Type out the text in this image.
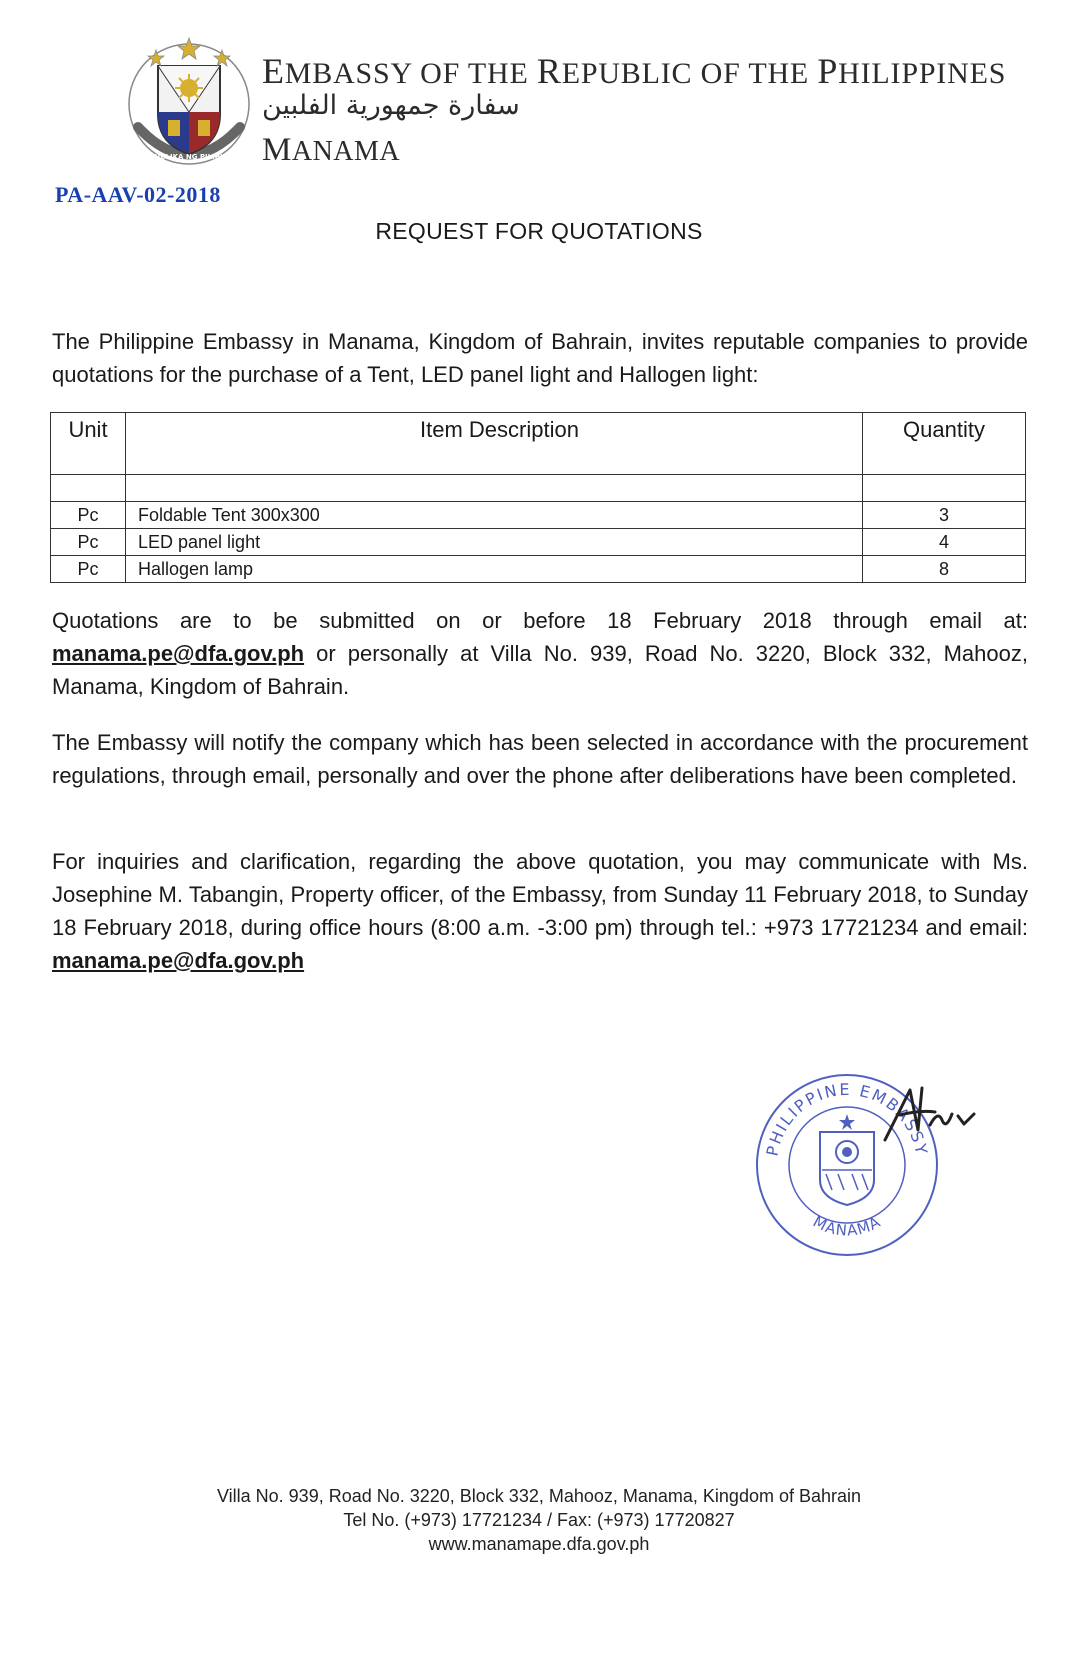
REPUBLIKA NG PILIPINAS
EMBASSY OF THE REPUBLIC OF THE PHILIPPINES
سفارة جمهورية الفلبين
MANAMA
PA-AAV-02-2018
REQUEST FOR QUOTATIONS
The Philippine Embassy in Manama, Kingdom of Bahrain, invites reputable companies to provide quotations for the purchase of a Tent, LED panel light and Hallogen light:
Unit	Item Description	Quantity

Pc	Foldable Tent 300x300	3
Pc	LED panel light	4
Pc	Hallogen lamp	8
Quotations are to be submitted on or before 18 February 2018 through email at: manama.pe@dfa.gov.ph or personally at Villa No. 939, Road No. 3220, Block 332, Mahooz, Manama, Kingdom of Bahrain.
The Embassy will notify the company which has been selected in accordance with the procurement regulations, through email, personally and over the phone after deliberations have been completed.
For inquiries and clarification, regarding the above quotation, you may communicate with Ms. Josephine M. Tabangin, Property officer, of the Embassy, from Sunday 11 February 2018, to Sunday 18 February 2018, during office hours (8:00 a.m. -3:00 pm) through tel.: +973 17721234 and email: manama.pe@dfa.gov.ph
PHILIPPINE EMBASSY
MANAMA
Villa No. 939, Road No. 3220, Block 332, Mahooz, Manama, Kingdom of Bahrain
Tel No. (+973) 17721234 / Fax: (+973) 17720827
www.manamape.dfa.gov.ph
